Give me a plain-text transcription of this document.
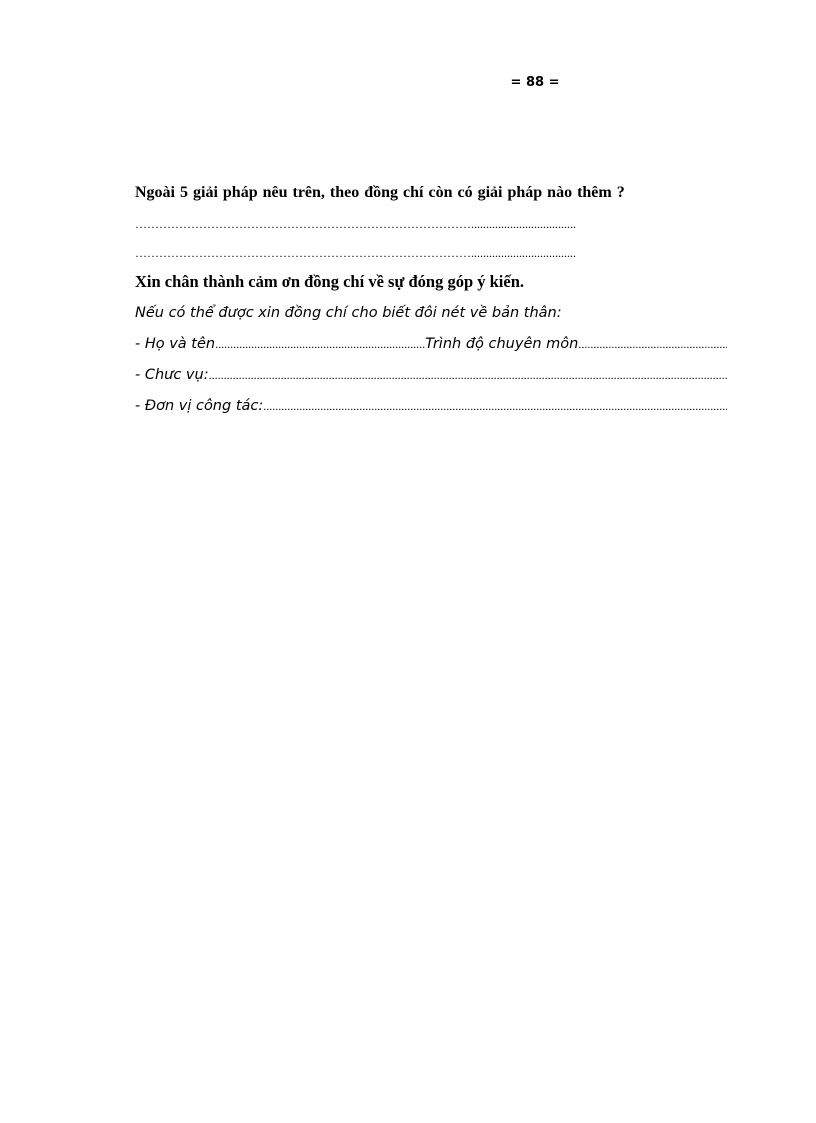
= 88 =
Ngoài 5 giải pháp nêu trên, theo đồng chí còn có giải pháp nào thêm ?
…………………………………………………………………………...................................
…………………………………………………………………………...................................
Xin chân thành cảm ơn đồng chí về sự đóng góp ý kiến.
Nếu có thể được xin đồng chí cho biết đôi nét về bản thân:
- Họ và tên
.....	Trình độ chuyên môn
.....
- Chưc vụ:
.....
- Đơn vị công tác:
.....
